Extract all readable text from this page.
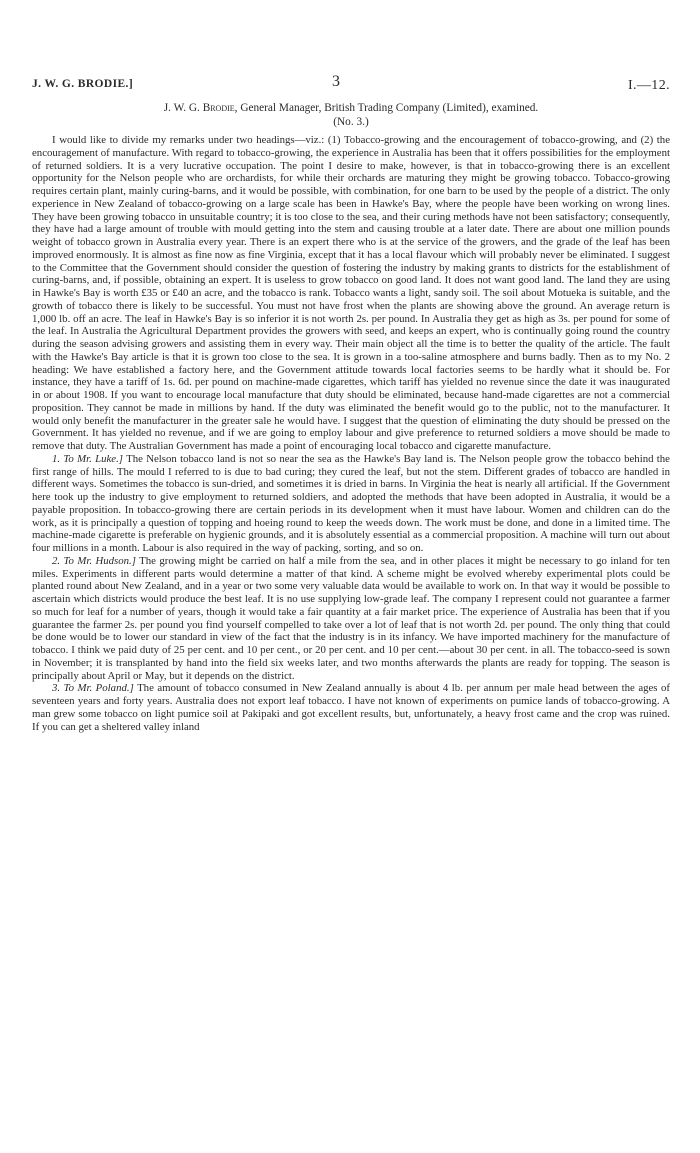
J. W. G. BRODIE.]	3	I.—12.
J. W. G. Brodie, General Manager, British Trading Company (Limited), examined.
(No. 3.)

I would like to divide my remarks under two headings—viz.: (1) Tobacco-growing and the encouragement of tobacco-growing, and (2) the encouragement of manufacture. With regard to tobacco-growing, the experience in Australia has been that it offers possibilities for the employment of returned soldiers. It is a very lucrative occupation. The point I desire to make, however, is that in tobacco-growing there is an excellent opportunity for the Nelson people who are orchardists, for while their orchards are maturing they might be growing tobacco. Tobacco-growing requires certain plant, mainly curing-barns, and it would be possible, with combination, for one barn to be used by the people of a district. The only experience in New Zealand of tobacco-growing on a large scale has been in Hawke's Bay, where the people have been working on wrong lines. They have been growing tobacco in unsuitable country; it is too close to the sea, and their curing methods have not been satisfactory; consequently, they have had a large amount of trouble with mould getting into the stem and causing trouble at a later date. There are about one million pounds weight of tobacco grown in Australia every year. There is an expert there who is at the service of the growers, and the grade of the leaf has been improved enormously. It is almost as fine now as fine Virginia, except that it has a local flavour which will probably never be eliminated. I suggest to the Committee that the Government should consider the question of fostering the industry by making grants to districts for the establishment of curing-barns, and, if possible, obtaining an expert. It is useless to grow tobacco on good land. It does not want good land. The land they are using in Hawke's Bay is worth £35 or £40 an acre, and the tobacco is rank. Tobacco wants a light, sandy soil. The soil about Motueka is suitable, and the growth of tobacco there is likely to be successful. You must not have frost when the plants are showing above the ground. An average return is 1,000 lb. off an acre. The leaf in Hawke's Bay is so inferior it is not worth 2s. per pound. In Australia they get as high as 3s. per pound for some of the leaf. In Australia the Agricultural Department provides the growers with seed, and keeps an expert, who is continually going round the country during the season advising growers and assisting them in every way. Their main object all the time is to better the quality of the article. The fault with the Hawke's Bay article is that it is grown too close to the sea. It is grown in a too-saline atmosphere and burns badly. Then as to my No. 2 heading: We have established a factory here, and the Government attitude towards local factories seems to be hardly what it should be. For instance, they have a tariff of 1s. 6d. per pound on machine-made cigarettes, which tariff has yielded no revenue since the date it was inaugurated in or about 1908. If you want to encourage local manufacture that duty should be eliminated, because hand-made cigarettes are not a commercial proposition. They cannot be made in millions by hand. If the duty was eliminated the benefit would go to the public, not to the manufacturer. It would only benefit the manufacturer in the greater sale he would have. I suggest that the question of eliminating the duty should be pressed on the Government. It has yielded no revenue, and if we are going to employ labour and give preference to returned soldiers a move should be made to remove that duty. The Australian Government has made a point of encouraging local tobacco and cigarette manufacture.

1. To Mr. Luke.] The Nelson tobacco land is not so near the sea as the Hawke's Bay land is. The Nelson people grow the tobacco behind the first range of hills. The mould I referred to is due to bad curing; they cured the leaf, but not the stem. Different grades of tobacco are handled in different ways. Sometimes the tobacco is sun-dried, and sometimes it is dried in barns. In Virginia the heat is nearly all artificial. If the Government here took up the industry to give employment to returned soldiers, and adopted the methods that have been adopted in Australia, it would be a payable proposition. In tobacco-growing there are certain periods in its development when it must have labour. Women and children can do the work, as it is principally a question of topping and hoeing round to keep the weeds down. The work must be done, and done in a limited time. The machine-made cigarette is preferable on hygienic grounds, and it is absolutely essential as a commercial proposition. A machine will turn out about four millions in a month. Labour is also required in the way of packing, sorting, and so on.

2. To Mr. Hudson.] The growing might be carried on half a mile from the sea, and in other places it might be necessary to go inland for ten miles. Experiments in different parts would determine a matter of that kind. A scheme might be evolved whereby experimental plots could be planted round about New Zealand, and in a year or two some very valuable data would be available to work on. In that way it would be possible to ascertain which districts would produce the best leaf. It is no use supplying low-grade leaf. The company I represent could not guarantee a farmer so much for leaf for a number of years, though it would take a fair quantity at a fair market price. The experience of Australia has been that if you guarantee the farmer 2s. per pound you find yourself compelled to take over a lot of leaf that is not worth 2d. per pound. The only thing that could be done would be to lower our standard in view of the fact that the industry is in its infancy. We have imported machinery for the manufacture of tobacco. I think we paid duty of 25 per cent. and 10 per cent., or 20 per cent. and 10 per cent.—about 30 per cent. in all. The tobacco-seed is sown in November; it is transplanted by hand into the field six weeks later, and two months afterwards the plants are ready for topping. The season is principally about April or May, but it depends on the district.

3. To Mr. Poland.] The amount of tobacco consumed in New Zealand annually is about 4 lb. per annum per male head between the ages of seventeen years and forty years. Australia does not export leaf tobacco. I have not known of experiments on pumice lands of tobacco-growing. A man grew some tobacco on light pumice soil at Pakipaki and got excellent results, but, unfortunately, a heavy frost came and the crop was ruined. If you can get a sheltered valley inland
